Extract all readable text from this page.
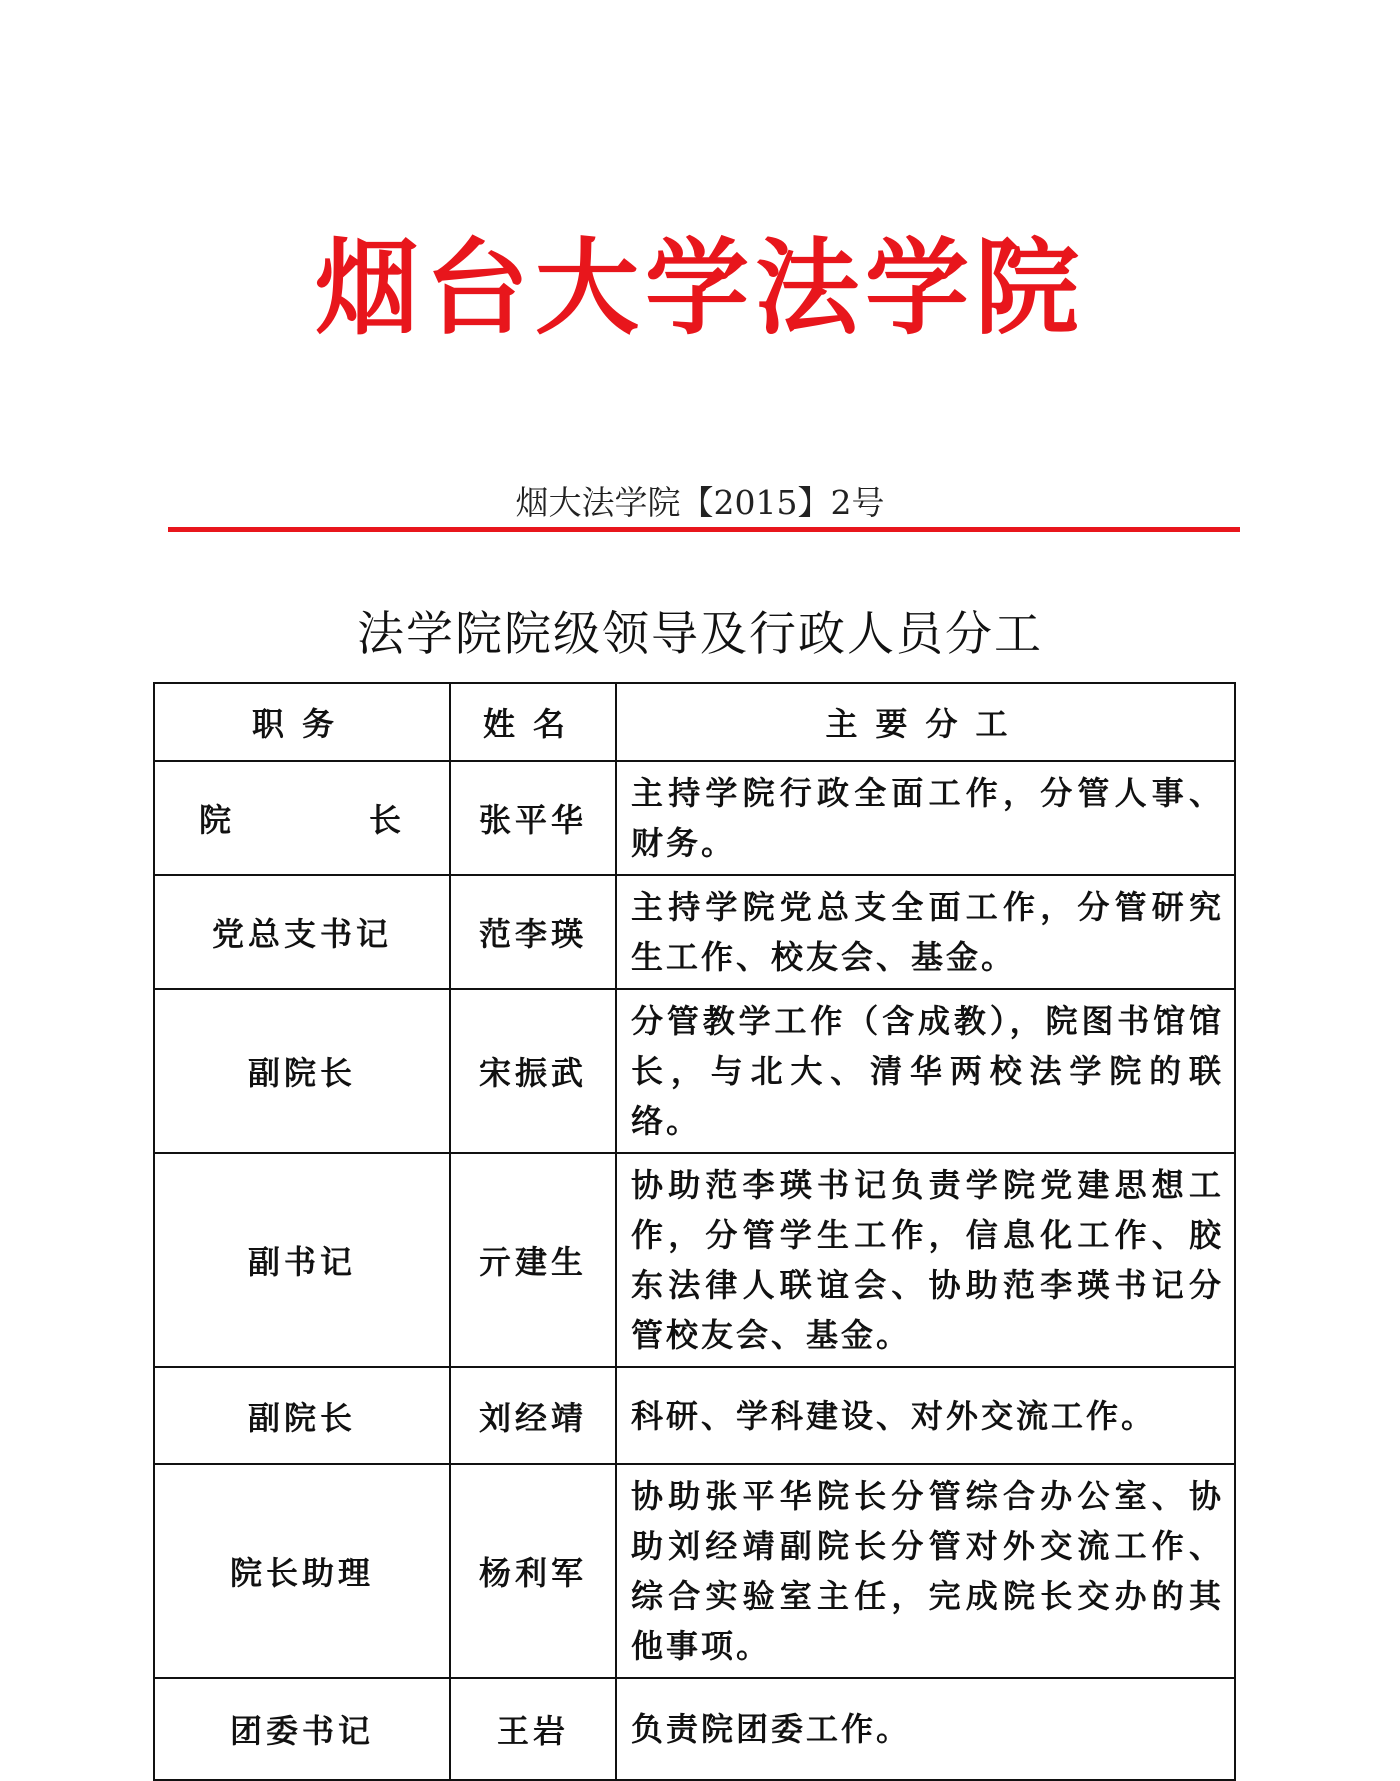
烟台大学法学院
烟大法学院【2015】2号
法学院院级领导及行政人员分工
职务	姓名	主要分工

院 长	张平华	主持学院行政全面工作，分管人事、财务。
党总支书记	范李瑛	主持学院党总支全面工作，分管研究生工作、校友会、基金。
副院长	宋振武	分管教学工作（含成教），院图书馆馆长，与北大、清华两校法学院的联络。
副书记	亓建生	协助范李瑛书记负责学院党建思想工作，分管学生工作，信息化工作、胶东法律人联谊会、协助范李瑛书记分管校友会、基金。
副院长	刘经靖	科研、学科建设、对外交流工作。
院长助理	杨利军	协助张平华院长分管综合办公室、协助刘经靖副院长分管对外交流工作、综合实验室主任，完成院长交办的其他事项。
团委书记	王岩	负责院团委工作。
